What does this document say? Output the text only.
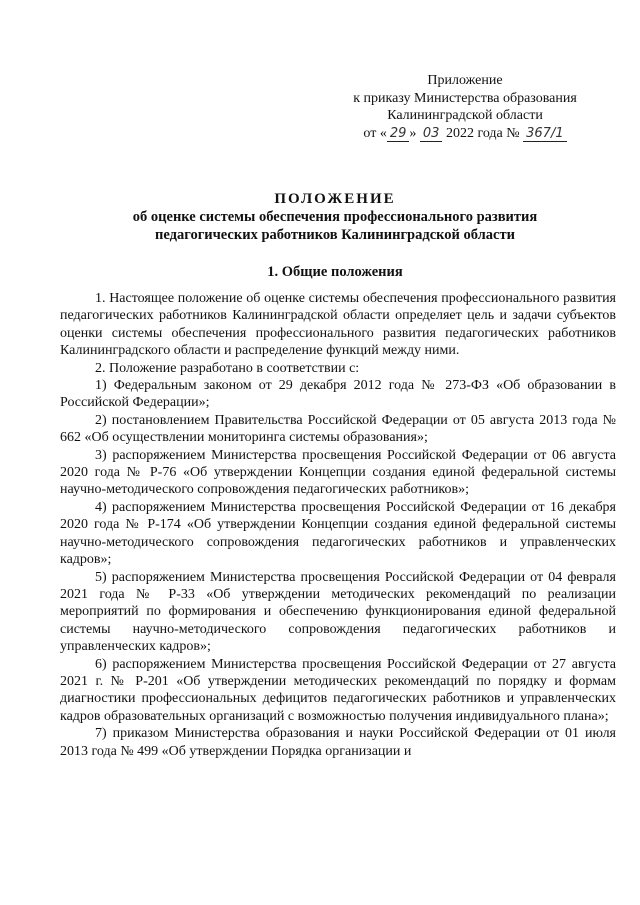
Приложение
к приказу Министерства образования
Калининградской области
от « 29 » 03 2022 года № 367/1
ПОЛОЖЕНИЕ
об оценке системы обеспечения профессионального развития
педагогических работников Калининградской области
1. Общие положения

1. Настоящее положение об оценке системы обеспечения профессионального развития педагогических работников Калининградской области определяет цель и задачи субъектов оценки системы обеспечения профессионального развития педагогических работников Калининградского области и распределение функций между ними.

2. Положение разработано в соответствии с:

1) Федеральным законом от 29 декабря 2012 года № 273-ФЗ «Об образовании в Российской Федерации»;

2) постановлением Правительства Российской Федерации от 05 августа 2013 года № 662 «Об осуществлении мониторинга системы образования»;

3) распоряжением Министерства просвещения Российской Федерации от 06 августа 2020 года № Р-76 «Об утверждении Концепции создания единой федеральной системы научно-методического сопровождения педагогических работников»;

4) распоряжением Министерства просвещения Российской Федерации от 16 декабря 2020 года № Р-174 «Об утверждении Концепции создания единой федеральной системы научно-методического сопровождения педагогических работников и управленческих кадров»;

5) распоряжением Министерства просвещения Российской Федерации от 04 февраля 2021 года № Р-33 «Об утверждении методических рекомендаций по реализации мероприятий по формирования и обеспечению функционирования единой федеральной системы научно-методического сопровождения педагогических работников и управленческих кадров»;

6) распоряжением Министерства просвещения Российской Федерации от 27 августа 2021 г. № Р-201 «Об утверждении методических рекомендаций по порядку и формам диагностики профессиональных дефицитов педагогических работников и управленческих кадров образовательных организаций с возможностью получения индивидуального плана»;

7) приказом Министерства образования и науки Российской Федерации от 01 июля 2013 года № 499 «Об утверждении Порядка организации и
